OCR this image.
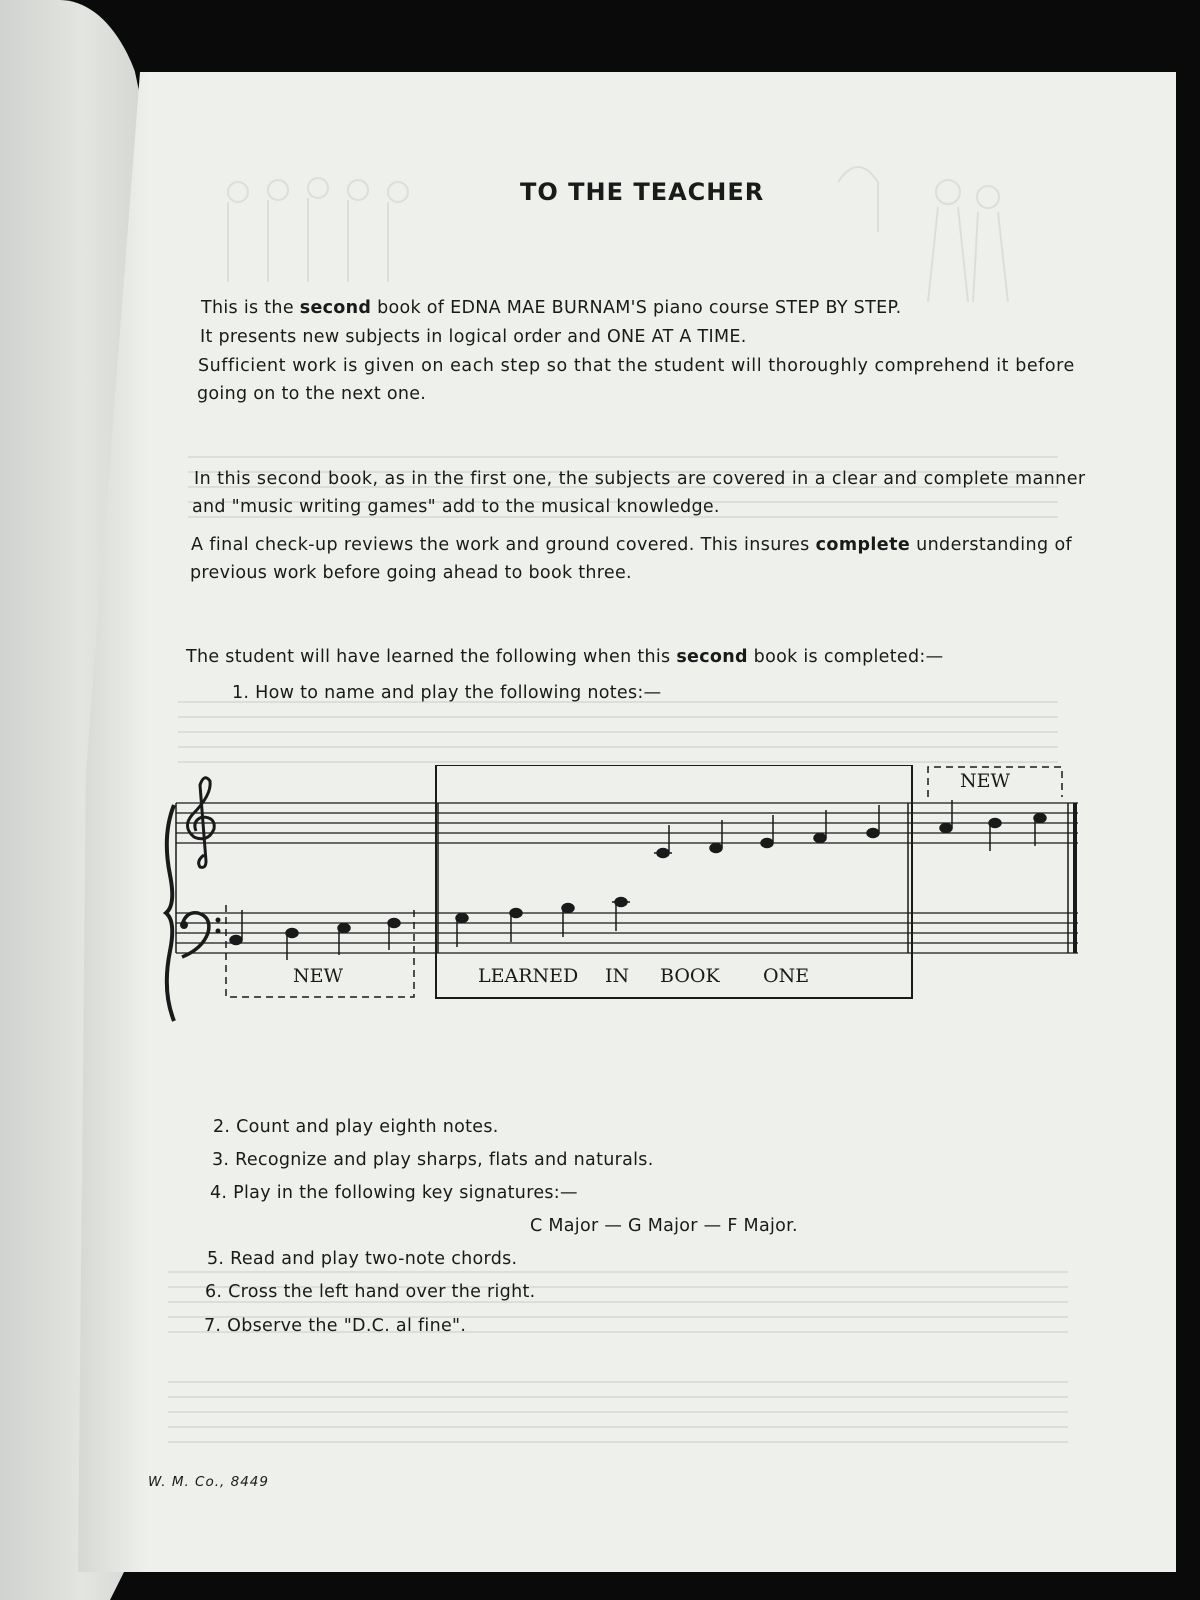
TO THE TEACHER
This is the second book of EDNA MAE BURNAM'S piano course STEP BY STEP.
It presents new subjects in logical order and ONE AT A TIME.
Sufficient work is given on each step so that the student will thoroughly comprehend it before
going on to the next one.
In this second book, as in the first one, the subjects are covered in a clear and complete manner
and "music writing games" add to the musical knowledge.
A final check-up reviews the work and ground covered. This insures complete understanding of
previous work before going ahead to book three.
The student will have learned the following when this second book is completed:—
1. How to name and play the following notes:—
NEW
NEW	LEARNED IN BOOK ONE
2. Count and play eighth notes.
3. Recognize and play sharps, flats and naturals.
4. Play in the following key signatures:—
C Major — G Major — F Major.
5. Read and play two-note chords.
6. Cross the left hand over the right.
7. Observe the "D.C. al fine".
W. M. Co., 8449
